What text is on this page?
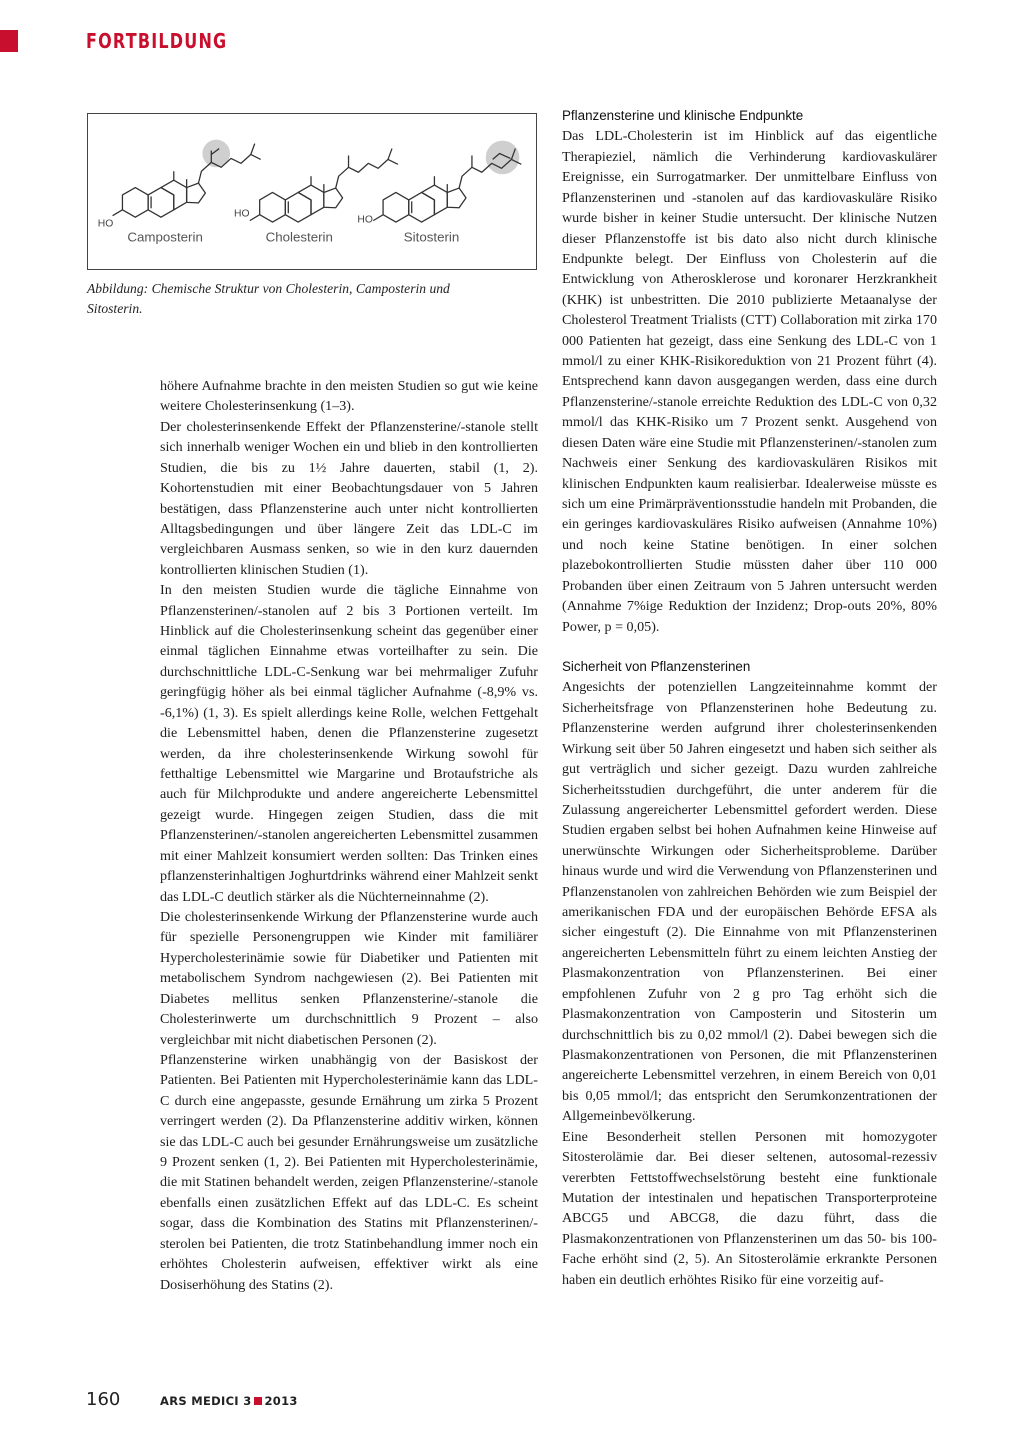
FORTBILDUNG
HO
HO
HO
Camposterin	Cholesterin	Sitosterin

Abbildung: Chemische Struktur von Cholesterin, Camposterin und Sitosterin.

höhere Aufnahme brachte in den meisten Studien so gut wie keine weitere Cholesterinsenkung (1–3).

Der cholesterinsenkende Effekt der Pflanzensterine/-stanole stellt sich innerhalb weniger Wochen ein und blieb in den kontrollierten Studien, die bis zu 1½ Jahre dauerten, stabil (1, 2). Kohortenstudien mit einer Beobachtungsdauer von 5 Jahren bestätigen, dass Pflanzensterine auch unter nicht kontrollierten Alltagsbedingungen und über längere Zeit das LDL-C im vergleichbaren Ausmass senken, so wie in den kurz dauernden kontrollierten klinischen Studien (1).

In den meisten Studien wurde die tägliche Einnahme von Pflanzensterinen/-stanolen auf 2 bis 3 Portionen verteilt. Im Hinblick auf die Cholesterinsenkung scheint das gegenüber einer einmal täglichen Einnahme etwas vorteilhafter zu sein. Die durchschnittliche LDL-C-Senkung war bei mehrmaliger Zufuhr geringfügig höher als bei einmal täglicher Aufnahme (-8,9% vs. -6,1%) (1, 3). Es spielt allerdings keine Rolle, welchen Fettgehalt die Lebensmittel haben, denen die Pflanzensterine zugesetzt werden, da ihre cholesterinsenkende Wirkung sowohl für fetthaltige Lebensmittel wie Margarine und Brotaufstriche als auch für Milchprodukte und andere angereicherte Lebensmittel gezeigt wurde. Hingegen zeigen Studien, dass die mit Pflanzensterinen/-stanolen angereicherten Lebensmittel zusammen mit einer Mahlzeit konsumiert werden sollten: Das Trinken eines pflanzensterinhaltigen Joghurtdrinks während einer Mahlzeit senkt das LDL-C deutlich stärker als die Nüchterneinnahme (2).

Die cholesterinsenkende Wirkung der Pflanzensterine wurde auch für spezielle Personengruppen wie Kinder mit familiärer Hypercholesterinämie sowie für Diabetiker und Patienten mit metabolischem Syndrom nachgewiesen (2). Bei Patienten mit Diabetes mellitus senken Pflanzensterine/-stanole die Cholesterinwerte um durchschnittlich 9 Prozent – also vergleichbar mit nicht diabetischen Personen (2).

Pflanzensterine wirken unabhängig von der Basiskost der Patienten. Bei Patienten mit Hypercholesterinämie kann das LDL-C durch eine angepasste, gesunde Ernährung um zirka 5 Prozent verringert werden (2). Da Pflanzensterine additiv wirken, können sie das LDL-C auch bei gesunder Ernährungsweise um zusätzliche 9 Prozent senken (1, 2). Bei Patienten mit Hypercholesterinämie, die mit Statinen behandelt werden, zeigen Pflanzensterine/-stanole ebenfalls einen zusätzlichen Effekt auf das LDL-C. Es scheint sogar, dass die Kombination des Statins mit Pflanzensterinen/-sterolen bei Patienten, die trotz Statinbehandlung immer noch ein erhöhtes Cholesterin aufweisen, effektiver wirkt als eine Dosiserhöhung des Statins (2).

Pflanzensterine und klinische Endpunkte

Das LDL-Cholesterin ist im Hinblick auf das eigentliche Therapieziel, nämlich die Verhinderung kardiovaskulärer Ereignisse, ein Surrogatmarker. Der unmittelbare Einfluss von Pflanzensterinen und -stanolen auf das kardiovaskuläre Risiko wurde bisher in keiner Studie untersucht. Der klinische Nutzen dieser Pflanzenstoffe ist bis dato also nicht durch klinische Endpunkte belegt. Der Einfluss von Cholesterin auf die Entwicklung von Atherosklerose und koronarer Herzkrankheit (KHK) ist unbestritten. Die 2010 publizierte Metaanalyse der Cholesterol Treatment Trialists (CTT) Collaboration mit zirka 170 000 Patienten hat gezeigt, dass eine Senkung des LDL-C von 1 mmol/l zu einer KHK-Risikoreduktion von 21 Prozent führt (4). Entsprechend kann davon ausgegangen werden, dass eine durch Pflanzensterine/-stanole erreichte Reduktion des LDL-C von 0,32 mmol/l das KHK-Risiko um 7 Prozent senkt. Ausgehend von diesen Daten wäre eine Studie mit Pflanzensterinen/-stanolen zum Nachweis einer Senkung des kardiovaskulären Risikos mit klinischen Endpunkten kaum realisierbar. Idealerweise müsste es sich um eine Primärpräventionsstudie handeln mit Probanden, die ein geringes kardiovaskuläres Risiko aufweisen (Annahme 10%) und noch keine Statine benötigen. In einer solchen plazebokontrollierten Studie müssten daher über 110 000 Probanden über einen Zeitraum von 5 Jahren untersucht werden (Annahme 7%ige Reduktion der Inzidenz; Drop-outs 20%, 80% Power, p = 0,05).

Sicherheit von Pflanzensterinen

Angesichts der potenziellen Langzeiteinnahme kommt der Sicherheitsfrage von Pflanzensterinen hohe Bedeutung zu. Pflanzensterine werden aufgrund ihrer cholesterinsenkenden Wirkung seit über 50 Jahren eingesetzt und haben sich seither als gut verträglich und sicher gezeigt. Dazu wurden zahlreiche Sicherheitsstudien durchgeführt, die unter anderem für die Zulassung angereicherter Lebensmittel gefordert werden. Diese Studien ergaben selbst bei hohen Aufnahmen keine Hinweise auf unerwünschte Wirkungen oder Sicherheitsprobleme. Darüber hinaus wurde und wird die Verwendung von Pflanzensterinen und Pflanzenstanolen von zahlreichen Behörden wie zum Beispiel der amerikanischen FDA und der europäischen Behörde EFSA als sicher eingestuft (2). Die Einnahme von mit Pflanzensterinen angereicherten Lebensmitteln führt zu einem leichten Anstieg der Plasmakonzentration von Pflanzensterinen. Bei einer empfohlenen Zufuhr von 2 g pro Tag erhöht sich die Plasmakonzentration von Camposterin und Sitosterin um durchschnittlich bis zu 0,02 mmol/l (2). Dabei bewegen sich die Plasmakonzentrationen von Personen, die mit Pflanzensterinen angereicherte Lebensmittel verzehren, in einem Bereich von 0,01 bis 0,05 mmol/l; das entspricht den Serumkonzentrationen der Allgemeinbevölkerung.

Eine Besonderheit stellen Personen mit homozygoter Sitosterolämie dar. Bei dieser seltenen, autosomal-rezessiv vererbten Fettstoffwechselstörung besteht eine funktionale Mutation der intestinalen und hepatischen Transporterproteine ABCG5 und ABCG8, die dazu führt, dass die Plasmakonzentrationen von Pflanzensterinen um das 50- bis 100-Fache erhöht sind (2, 5). An Sitosterolämie erkrankte Personen haben ein deutlich erhöhtes Risiko für eine vorzeitig auf-

160	ARS MEDICI 3 2013
